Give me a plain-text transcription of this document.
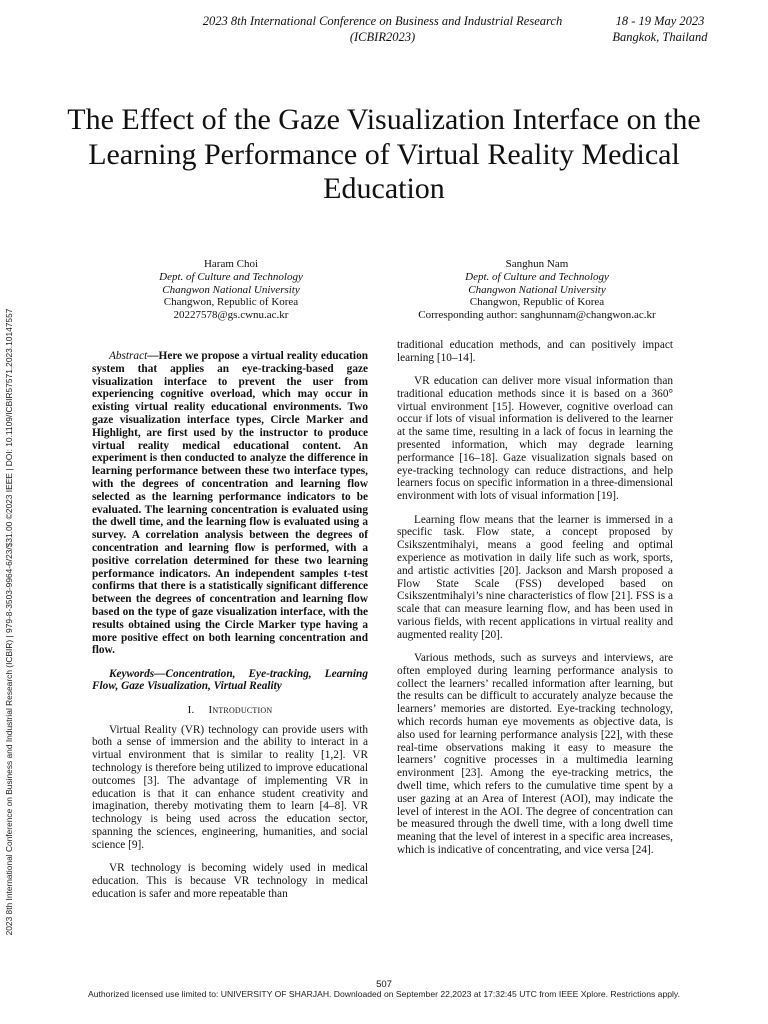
2023 8th International Conference on Business and Industrial Research
(ICBIR2023)
18 - 19 May 2023
Bangkok, Thailand
The Effect of the Gaze Visualization Interface on the Learning Performance of Virtual Reality Medical Education
Haram Choi
Dept. of Culture and Technology
Changwon National University
Changwon, Republic of Korea
20227578@gs.cwnu.ac.kr
Sanghun Nam
Dept. of Culture and Technology
Changwon National University
Changwon, Republic of Korea
Corresponding author: sanghunnam@changwon.ac.kr
2023 8th International Conference on Business and Industrial Research (ICBIR) | 979-8-3503-9964-6/23/$31.00 ©2023 IEEE | DOI: 10.1109/ICBIR57571.2023.10147557	Abstract—Here we propose a virtual reality education system that applies an eye-tracking-based gaze visualization interface to prevent the user from experiencing cognitive overload, which may occur in existing virtual reality educational environments. Two gaze visualization interface types, Circle Marker and Highlight, are first used by the instructor to produce virtual reality medical educational content. An experiment is then conducted to analyze the difference in learning performance between these two interface types, with the degrees of concentration and learning flow selected as the learning performance indicators to be evaluated. The learning concentration is evaluated using the dwell time, and the learning flow is evaluated using a survey. A correlation analysis between the degrees of concentration and learning flow is performed, with a positive correlation determined for these two learning performance indicators. An independent samples t-test confirms that there is a statistically significant difference between the degrees of concentration and learning flow based on the type of gaze visualization interface, with the results obtained using the Circle Marker type having a more positive effect on both learning concentration and flow.

Keywords—Concentration, Eye-tracking, Learning Flow, Gaze Visualization, Virtual Reality

I. Introduction

Virtual Reality (VR) technology can provide users with both a sense of immersion and the ability to interact in a virtual environment that is similar to reality [1,2]. VR technology is therefore being utilized to improve educational outcomes [3]. The advantage of implementing VR in education is that it can enhance student creativity and imagination, thereby motivating them to learn [4–8]. VR technology is being used across the education sector, spanning the sciences, engineering, humanities, and social science [9].

VR technology is becoming widely used in medical education. This is because VR technology in medical education is safer and more repeatable than

traditional education methods, and can positively impact learning [10–14].

VR education can deliver more visual information than traditional education methods since it is based on a 360° virtual environment [15]. However, cognitive overload can occur if lots of visual information is delivered to the learner at the same time, resulting in a lack of focus in learning the presented information, which may degrade learning performance [16–18]. Gaze visualization signals based on eye-tracking technology can reduce distractions, and help learners focus on specific information in a three-dimensional environment with lots of visual information [19].

Learning flow means that the learner is immersed in a specific task. Flow state, a concept proposed by Csikszentmihalyi, means a good feeling and optimal experience as motivation in daily life such as work, sports, and artistic activities [20]. Jackson and Marsh proposed a Flow State Scale (FSS) developed based on Csikszentmihalyi’s nine characteristics of flow [21]. FSS is a scale that can measure learning flow, and has been used in various fields, with recent applications in virtual reality and augmented reality [20].

Various methods, such as surveys and interviews, are often employed during learning performance analysis to collect the learners’ recalled information after learning, but the results can be difficult to accurately analyze because the learners’ memories are distorted. Eye-tracking technology, which records human eye movements as objective data, is also used for learning performance analysis [22], with these real-time observations making it easy to measure the learners’ cognitive processes in a multimedia learning environment [23]. Among the eye-tracking metrics, the dwell time, which refers to the cumulative time spent by a user gazing at an Area of Interest (AOI), may indicate the level of interest in the AOI. The degree of concentration can be measured through the dwell time, with a long dwell time meaning that the level of interest in a specific area increases, which is indicative of concentrating, and vice versa [24].

507
Authorized licensed use limited to: UNIVERSITY OF SHARJAH. Downloaded on September 22,2023 at 17:32:45 UTC from IEEE Xplore. Restrictions apply.
